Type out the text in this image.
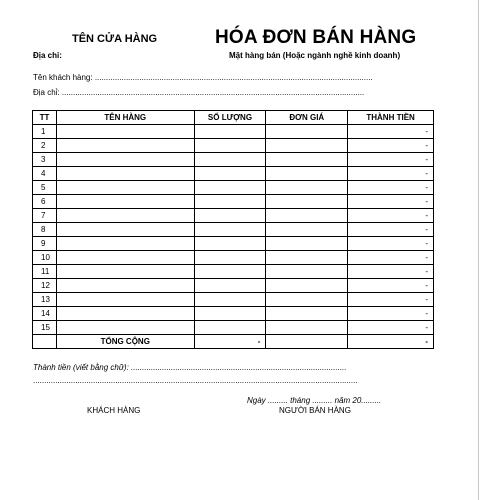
TÊN CỬA HÀNG
Địa chỉ:
HÓA ĐƠN BÁN HÀNG
Mặt hàng bán (Hoặc ngành nghề kinh doanh)
Tên khách hàng: .............................................................................................................................
Địa chỉ: ........................................................................................................................................
TT	TÊN HÀNG	SỐ LƯỢNG	ĐƠN GIÁ	THÀNH TIỀN
1				-
2				-
3				-
4				-
5				-
6				-
7				-
8				-
9				-
10				-
11				-
12				-
13				-
14				-
15				-
	TỔNG CỘNG	-		-
Thành tiền (viết bằng chữ): .................................................................................................
..................................................................................................................................................
Ngày ......... tháng ......... năm 20.........
KHÁCH HÀNG	NGƯỜI BÁN HÀNG
